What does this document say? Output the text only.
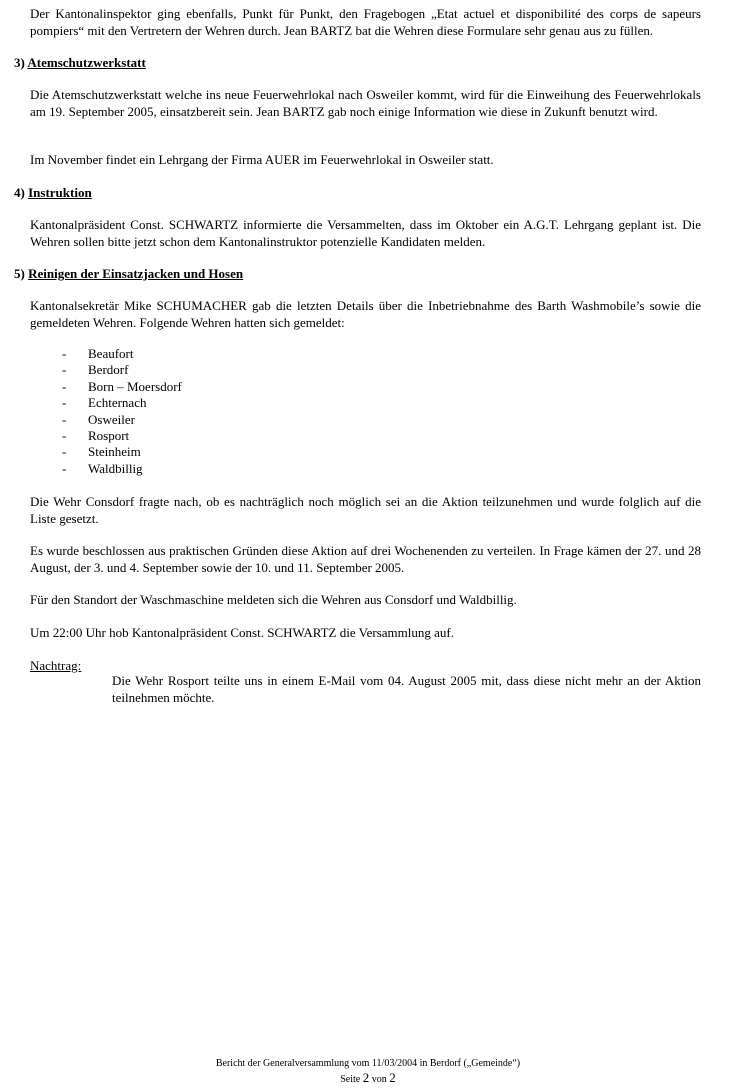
Der Kantonalinspektor ging ebenfalls, Punkt für Punkt, den Fragebogen „Etat actuel et disponibilité des corps de sapeurs pompiers“ mit den Vertretern der Wehren durch. Jean BARTZ bat die Wehren diese Formulare sehr genau aus zu füllen.

3) Atemschutzwerkstatt

Die Atemschutzwerkstatt welche ins neue Feuerwehrlokal nach Osweiler kommt, wird für die Einweihung des Feuerwehrlokals am 19. September 2005, einsatzbereit sein. Jean BARTZ gab noch einige Information wie diese in Zukunft benutzt wird.

Im November findet ein Lehrgang der Firma AUER im Feuerwehrlokal in Osweiler statt.

4) Instruktion

Kantonalpräsident Const. SCHWARTZ informierte die Versammelten, dass im Oktober ein A.G.T. Lehrgang geplant ist. Die Wehren sollen bitte jetzt schon dem Kantonalinstruktor potenzielle Kandidaten melden.

5) Reinigen der Einsatzjacken und Hosen

Kantonalsekretär Mike SCHUMACHER gab die letzten Details über die Inbetriebnahme des Barth Washmobile’s sowie die gemeldeten Wehren. Folgende Wehren hatten sich gemeldet:

-	Beaufort
-	Berdorf
-	Born – Moersdorf
-	Echternach
-	Osweiler
-	Rosport
-	Steinheim
-	Waldbillig

Die Wehr Consdorf fragte nach, ob es nachträglich noch möglich sei an die Aktion teilzunehmen und wurde folglich auf die Liste gesetzt.

Es wurde beschlossen aus praktischen Gründen diese Aktion auf drei Wochenenden zu verteilen. In Frage kämen der 27. und 28 August, der 3. und 4. September sowie der 10. und 11. September 2005.

Für den Standort der Waschmaschine meldeten sich die Wehren aus Consdorf und Waldbillig.

Um 22:00 Uhr hob Kantonalpräsident Const. SCHWARTZ die Versammlung auf.

Nachtrag:

Die Wehr Rosport teilte uns in einem E-Mail vom 04. August 2005 mit, dass diese nicht mehr an der Aktion teilnehmen möchte.

Bericht der Generalversammlung vom 11/03/2004 in Berdorf („Gemeinde“)
Seite 2 von 2
